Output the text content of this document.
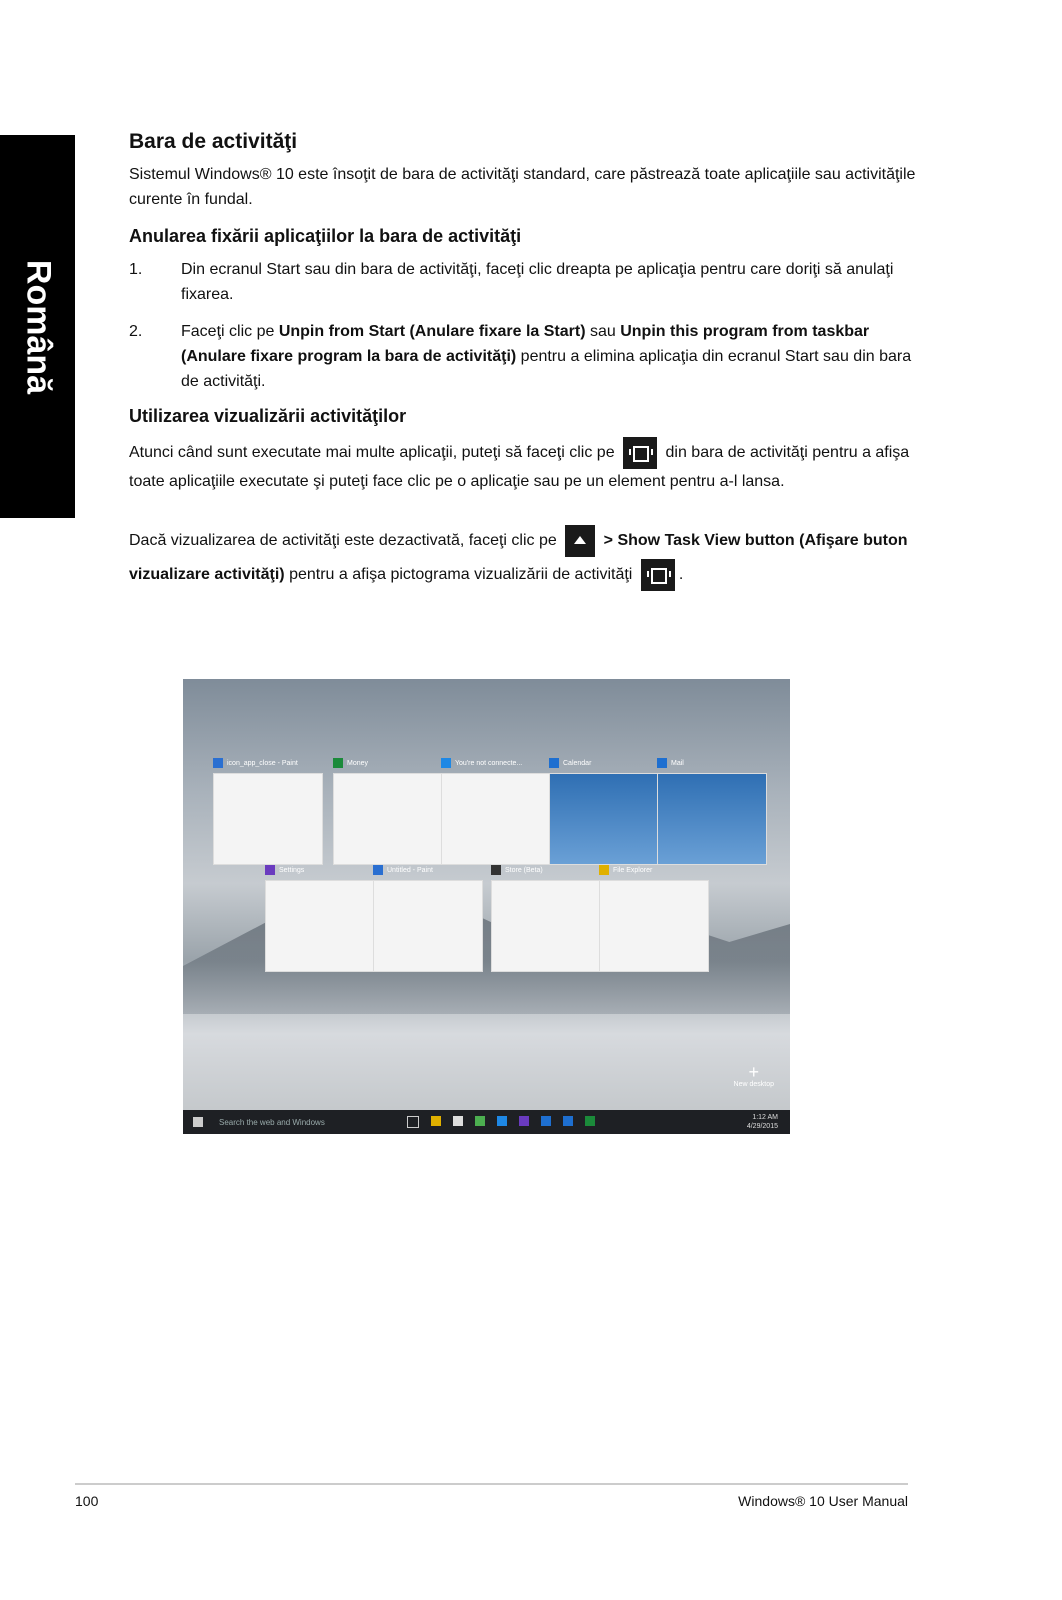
Română
Bara de activităţi

Sistemul Windows® 10 este însoţit de bara de activităţi standard, care păstrează toate aplicaţiile sau activităţile curente în fundal.

Anularea fixării aplicaţiilor la bara de activităţi
1. Din ecranul Start sau din bara de activităţi, faceţi clic dreapta pe aplicaţia pentru care doriţi să anulaţi fixarea.
2. Faceţi clic pe Unpin from Start (Anulare fixare la Start) sau Unpin this program from taskbar (Anulare fixare program la bara de activităţi) pentru a elimina aplicaţia din ecranul Start sau din bara de activităţi.
Utilizarea vizualizării activităţilor

Atunci când sunt executate mai multe aplicaţii, puteţi să faceţi clic pe	din bara de activităţi pentru a afişa toate aplicaţiile executate şi puteţi face clic pe o aplicaţie sau pe un element pentru a-l lansa.

Dacă vizualizarea de activităţi este dezactivată, faceţi clic pe	> Show Task View button (Afişare buton vizualizare activităţi) pentru a afişa pictograma vizualizării de activităţi	.

icon_app_close - Paint	Money	You're not connecte...	Calendar	Mail
Settings	Untitled - Paint	Store (Beta)	File Explorer
+
New desktop
Search the web and Windows	1:12 AM
4/29/2015
100	Windows® 10 User Manual
